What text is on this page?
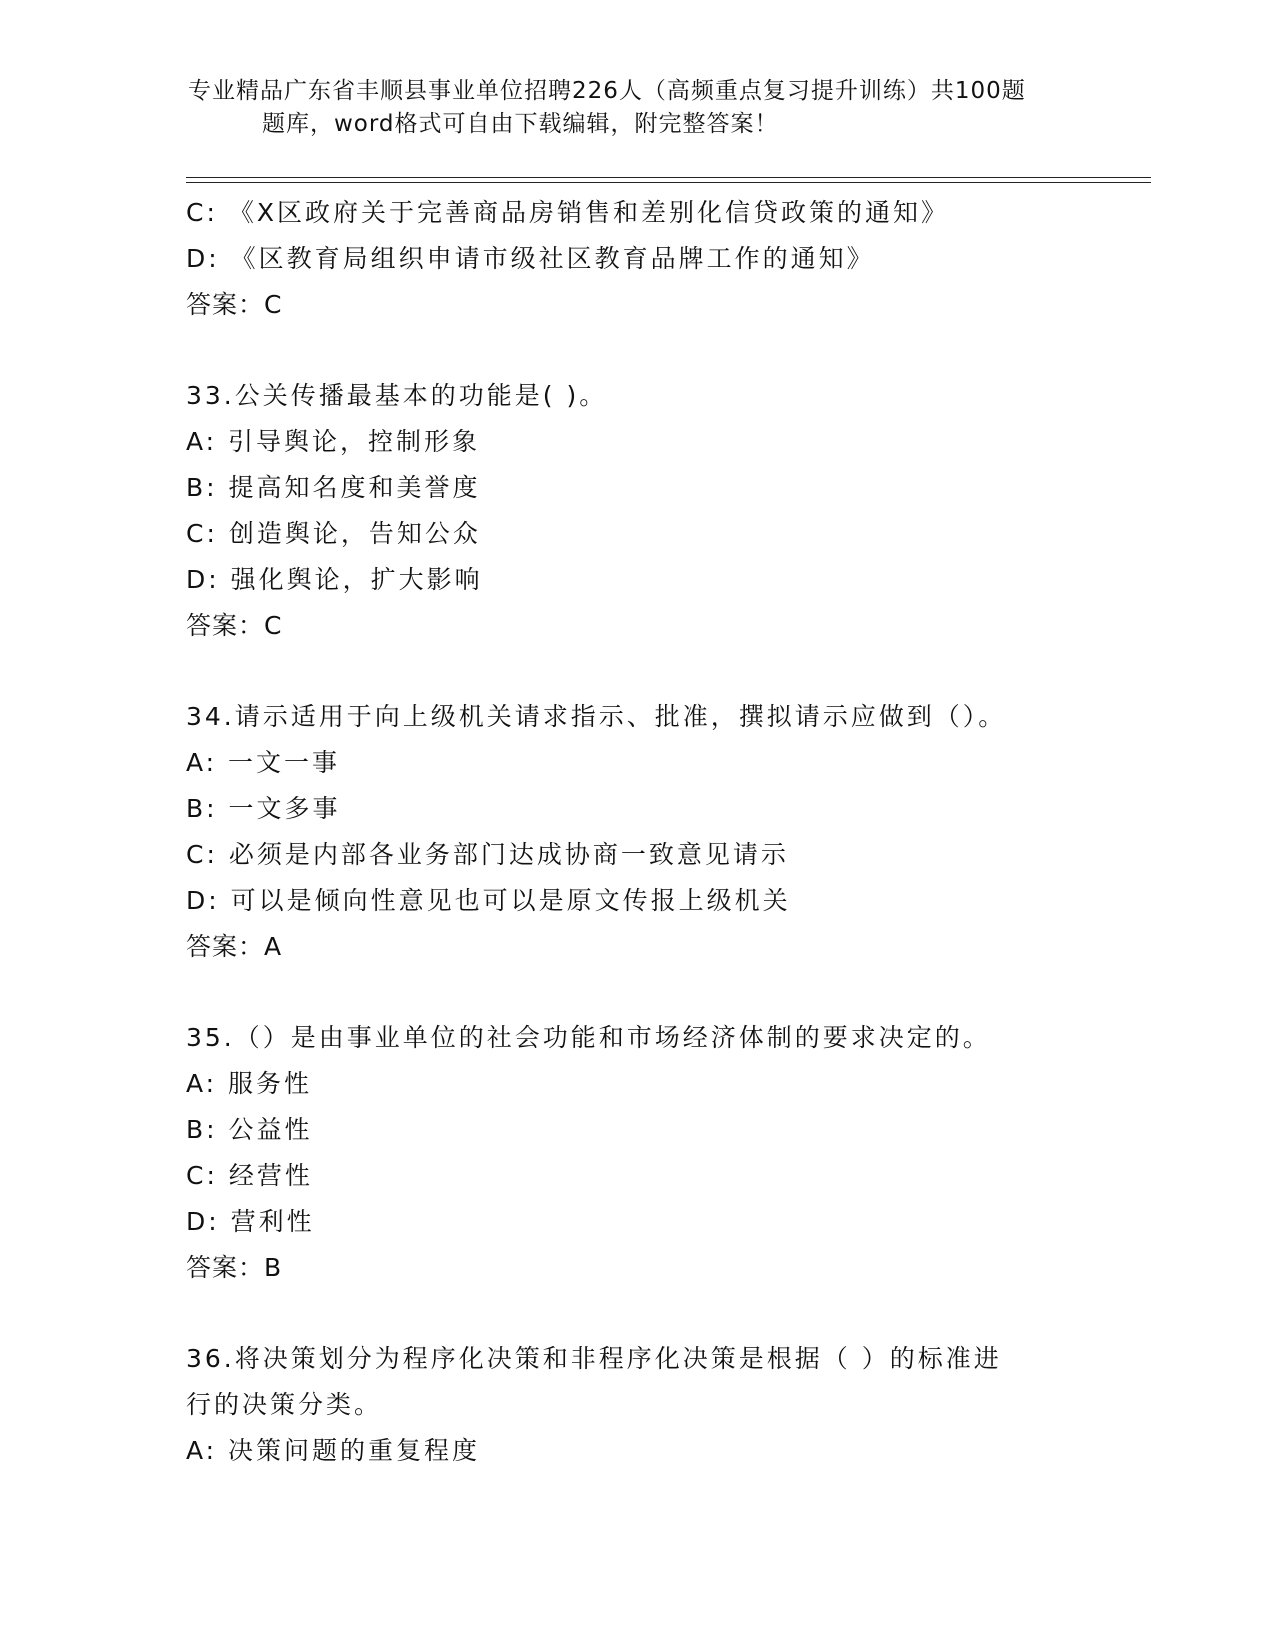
专业精品广东省丰顺县事业单位招聘226人（高频重点复习提升训练）共100题
题库，word格式可自由下载编辑，附完整答案！
C: 《X区政府关于完善商品房销售和差别化信贷政策的通知》
D: 《区教育局组织申请市级社区教育品牌工作的通知》
答案：C
33.公关传播最基本的功能是( )。
A: 引导舆论，控制形象
B: 提高知名度和美誉度
C: 创造舆论，告知公众
D: 强化舆论，扩大影响
答案：C
34.请示适用于向上级机关请求指示、批准，撰拟请示应做到（）。
A: 一文一事
B: 一文多事
C: 必须是内部各业务部门达成协商一致意见请示
D: 可以是倾向性意见也可以是原文传报上级机关
答案：A
35.（）是由事业单位的社会功能和市场经济体制的要求决定的。
A: 服务性
B: 公益性
C: 经营性
D: 营利性
答案：B
36.将决策划分为程序化决策和非程序化决策是根据（ ）的标准进
行的决策分类。
A: 决策问题的重复程度
